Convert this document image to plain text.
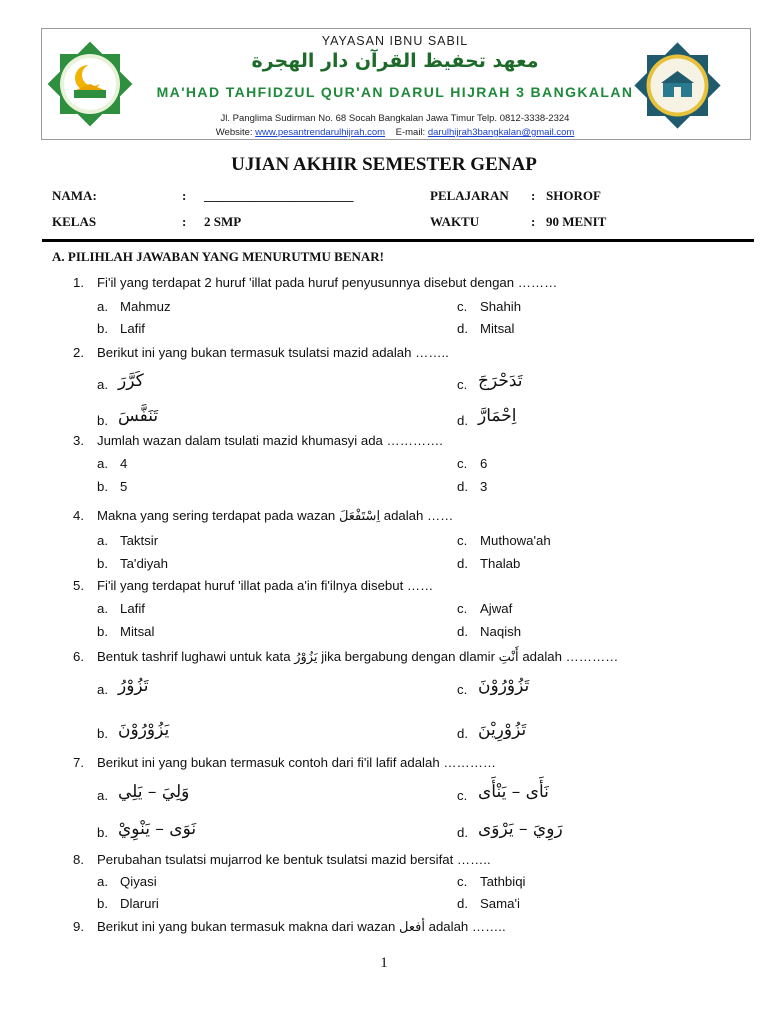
YAYASAN IBNU SABIL
معهد تحفيظ القرآن دار الهجرة
MA'HAD TAHFIDZUL QUR'AN DARUL HIJRAH 3 BANGKALAN
Jl. Panglima Sudirman No. 68 Socah Bangkalan Jawa Timur Telp. 0812-3338-2324
Website: www.pesantrendarulhijrah.com E-mail: darulhijrah3bangkalan@gmail.com
UJIAN AKHIR SEMESTER GENAP
NAMA:	: _______________________
KELAS	: 2 SMP
PELAJARAN : SHOROF
WAKTU	: 90 MENIT
A. PILIHLAH JAWABAN YANG MENURUTMU BENAR!
1. Fi'il yang terdapat 2 huruf 'illat pada huruf penyusunnya disebut dengan ………
a. Mahmuz
b. Lafif
c. Shahih
d. Mitsal
2. Berikut ini yang bukan termasuk tsulatsi mazid adalah ……..
a. كَرَّرَ
b. تَنَفَّسَ
c. تَدَحْرَجَ
d. اِحْمَارَّ
3. Jumlah wazan dalam tsulati mazid khumasyi ada ………….
a. 4
b. 5
c. 6
d. 3
4. Makna yang sering terdapat pada wazan اِسْتَفْعَلَ adalah ……
a. Taktsir
b. Ta'diyah
c. Muthowa'ah
d. Thalab
5. Fi'il yang terdapat huruf 'illat pada a'in fi'ilnya disebut ……
a. Lafif
b. Mitsal
c. Ajwaf
d. Naqish
6. Bentuk tashrif lughawi untuk kata يَزُوْرُ jika bergabung dengan dlamir أَنْتِ adalah …………
a. تَزُوْرُ
b. يَزُوْرُوْنَ
c. تَزُوْرُوْنَ
d. تَزُوْرِيْنَ
7. Berikut ini yang bukan termasuk contoh dari fi'il lafif adalah …………
a. وَلِيَ – يَلِي
b. نَوَى – يَنْوِيْ
c. نَأَى – يَنْأَى
d. رَوِيَ – يَرْوَى
8. Perubahan tsulatsi mujarrod ke bentuk tsulatsi mazid bersifat ……..
a. Qiyasi
b. Dlaruri
c. Tathbiqi
d. Sama'i
9. Berikut ini yang bukan termasuk makna dari wazan أفعل adalah ……..
1
